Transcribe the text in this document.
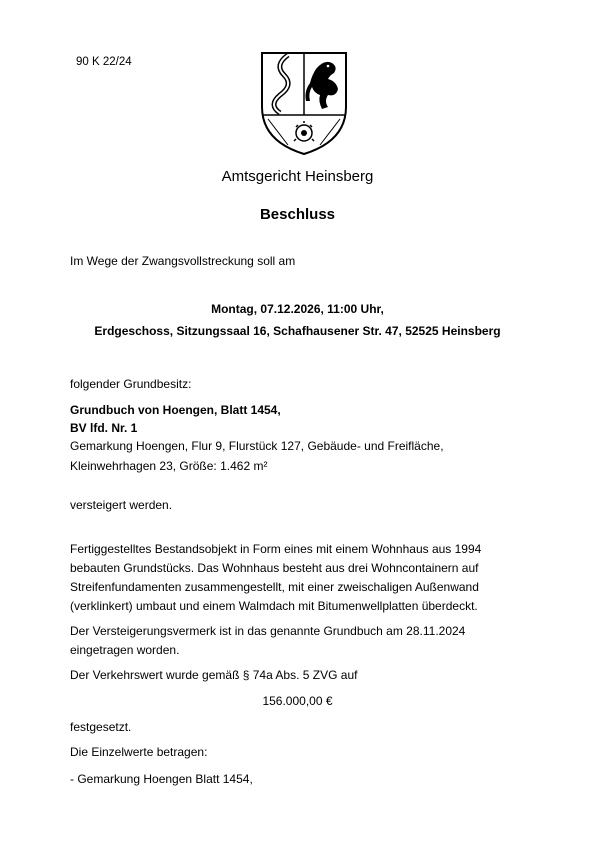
90 K 22/24
Amtsgericht Heinsberg
Beschluss
Im Wege der Zwangsvollstreckung soll am
Montag, 07.12.2026, 11:00 Uhr,
Erdgeschoss, Sitzungssaal 16, Schafhausener Str. 47, 52525 Heinsberg
folgender Grundbesitz:
Grundbuch von Hoengen, Blatt 1454,
BV lfd. Nr. 1
Gemarkung Hoengen, Flur 9, Flurstück 127, Gebäude- und Freifläche,
Kleinwehrhagen 23, Größe: 1.462 m²
versteigert werden.
Fertiggestelltes Bestandsobjekt in Form eines mit einem Wohnhaus aus 1994
bebauten Grundstücks. Das Wohnhaus besteht aus drei Wohncontainern auf
Streifenfundamenten zusammengestellt, mit einer zweischaligen Außenwand
(verklinkert) umbaut und einem Walmdach mit Bitumenwellplatten überdeckt.
Der Versteigerungsvermerk ist in das genannte Grundbuch am 28.11.2024
eingetragen worden.
Der Verkehrswert wurde gemäß § 74a Abs. 5 ZVG auf
156.000,00 €
festgesetzt.
Die Einzelwerte betragen:
- Gemarkung Hoengen Blatt 1454,
